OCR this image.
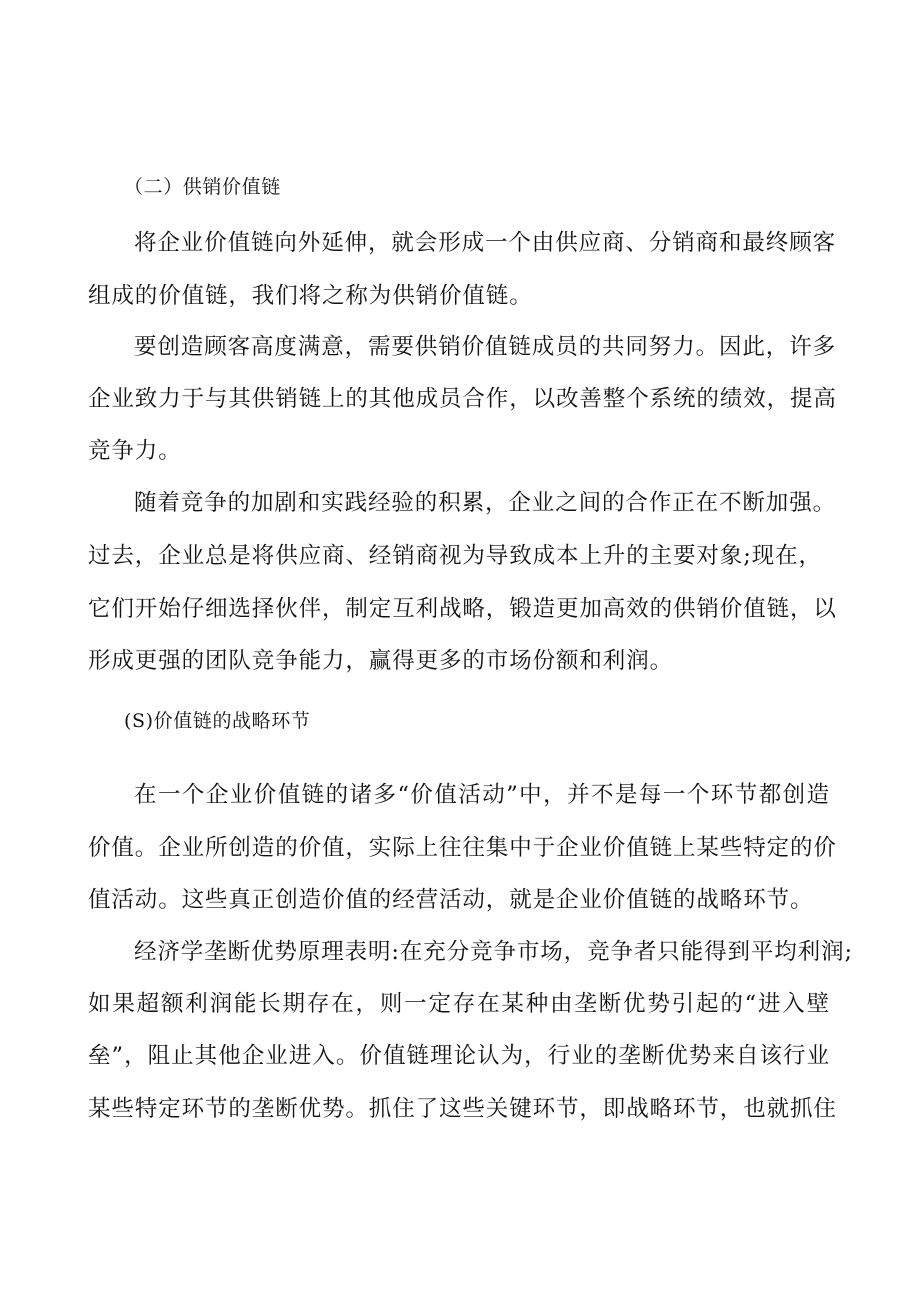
（二）供销价值链
将企业价值链向外延伸，就会形成一个由供应商、分销商和最终顾客
组成的价值链，我们将之称为供销价值链。
要创造顾客高度满意，需要供销价值链成员的共同努力。因此，许多
企业致力于与其供销链上的其他成员合作，以改善整个系统的绩效，提高
竞争力。
随着竞争的加剧和实践经验的积累，企业之间的合作正在不断加强。
过去，企业总是将供应商、经销商视为导致成本上升的主要对象;现在，
它们开始仔细选择伙伴，制定互利战略，锻造更加高效的供销价值链，以
形成更强的团队竞争能力，赢得更多的市场份额和利润。
(S)价值链的战略环节
在一个企业价值链的诸多“价值活动”中，并不是每一个环节都创造
价值。企业所创造的价值，实际上往往集中于企业价值链上某些特定的价
值活动。这些真正创造价值的经营活动，就是企业价值链的战略环节。
经济学垄断优势原理表明:在充分竞争市场，竞争者只能得到平均利润;
如果超额利润能长期存在，则一定存在某种由垄断优势引起的“进入壁
垒”，阻止其他企业进入。价值链理论认为，行业的垄断优势来自该行业
某些特定环节的垄断优势。抓住了这些关键环节，即战略环节，也就抓住
